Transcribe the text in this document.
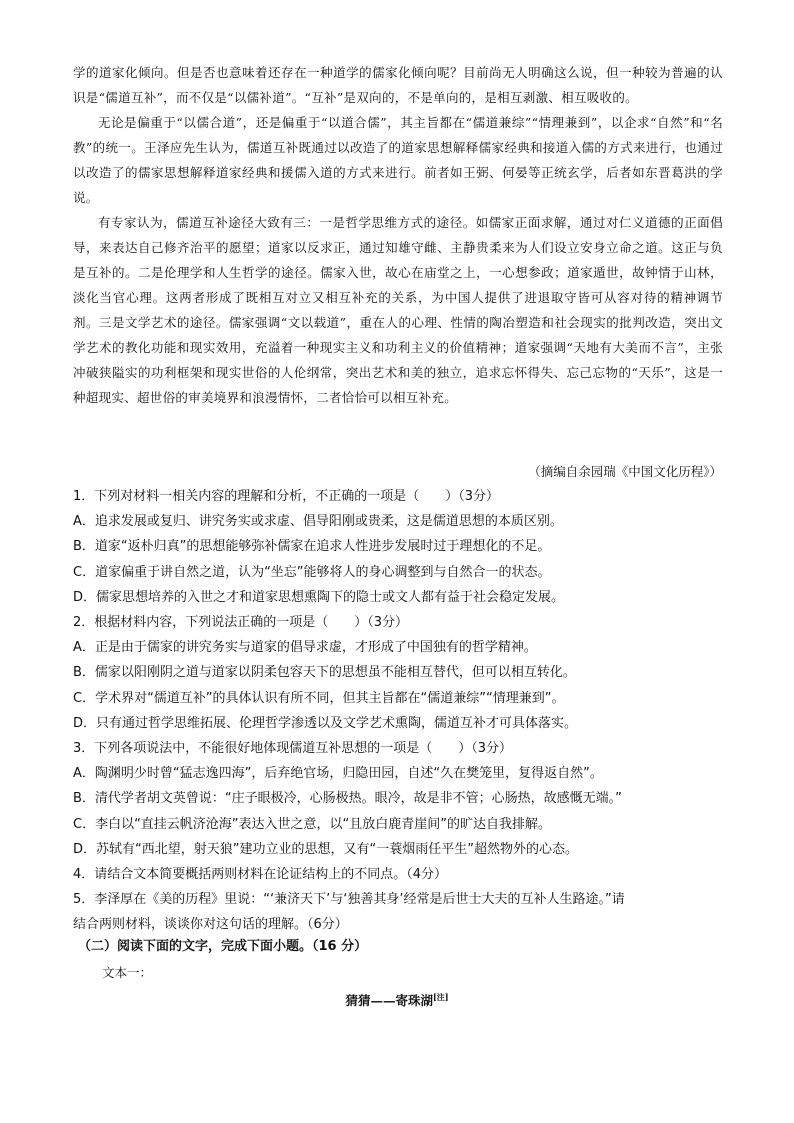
学的道家化倾向。但是否也意味着还存在一种道学的儒家化倾向呢？目前尚无人明确这么说，但一种较为普遍的认识是“儒道互补”，而不仅是“以儒补道”。“互补”是双向的，不是单向的，是相互剥激、相互吸收的。

无论是偏重于“以儒合道”，还是偏重于“以道合儒”，其主旨都在“儒道兼综”“情理兼到”，以企求“自然”和“名教”的统一。王泽应先生认为，儒道互补既通过以改造了的道家思想解释儒家经典和接道入儒的方式来进行，也通过以改造了的儒家思想解释道家经典和援儒入道的方式来进行。前者如王弼、何晏等正统玄学，后者如东晋葛洪的学说。

有专家认为，儒道互补途径大致有三：一是哲学思维方式的途径。如儒家正面求解，通过对仁义道德的正面倡导，来表达自己修齐治平的愿望；道家以反求正，通过知雄守雌、主静贵柔来为人们设立安身立命之道。这正与负是互补的。二是伦理学和人生哲学的途径。儒家入世，故心在庙堂之上，一心想参政；道家遁世，故钟情于山林，淡化当官心理。这两者形成了既相互对立又相互补充的关系，为中国人提供了进退取守皆可从容对待的精神调节剂。三是文学艺术的途径。儒家强调“文以载道”，重在人的心理、性情的陶冶塑造和社会现实的批判改造，突出文学艺术的教化功能和现实效用，充溢着一种现实主义和功利主义的价值精神；道家强调“天地有大美而不言”，主张冲破狭隘实的功利框架和现实世俗的人伦纲常，突出艺术和美的独立，追求忘怀得失、忘己忘物的“天乐”，这是一种超现实、超世俗的审美境界和浪漫情怀，二者恰恰可以相互补充。

（摘编自余园瑞《中国文化历程》）
1．下列对材料一相关内容的理解和分析，不正确的一项是（　　）（3分）
A．追求发展或复归、讲究务实或求虚、倡导阳刚或贵柔，这是儒道思想的本质区别。
B．道家“返朴归真”的思想能够弥补儒家在追求人性进步发展时过于理想化的不足。
C．道家偏重于讲自然之道，认为“坐忘”能够将人的身心调整到与自然合一的状态。
D．儒家思想培养的入世之才和道家思想熏陶下的隐士或文人都有益于社会稳定发展。
2．根据材料内容，下列说法正确的一项是（　　）（3分）
A．正是由于儒家的讲究务实与道家的倡导求虚，才形成了中国独有的哲学精神。
B．儒家以阳刚阴之道与道家以阴柔包容天下的思想虽不能相互替代，但可以相互转化。
C．学术界对“儒道互补”的具体认识有所不同，但其主旨都在“儒道兼综”“情理兼到”。
D．只有通过哲学思维拓展、伦理哲学渗透以及文学艺术熏陶，儒道互补才可具体落实。
3．下列各项说法中，不能很好地体现儒道互补思想的一项是（　　）（3分）
A．陶渊明少时曾“猛志逸四海”，后弃绝官场，归隐田园，自述“久在樊笼里，复得返自然”。
B．清代学者胡文英曾说：“庄子眼极冷，心肠极热。眼冷，故是非不管；心肠热，故感慨无端。”
C．李白以“直挂云帆济沧海”表达入世之意，以“且放白鹿青崖间”的旷达自我排解。
D．苏轼有“西北望，射天狼”建功立业的思想，又有“一蓑烟雨任平生”超然物外的心态。
4．请结合文本简要概括两则材料在论证结构上的不同点。（4分）
5．李泽厚在《美的历程》里说：“‘兼济天下’与‘独善其身’经常是后世士大夫的互补人生路途。”请
结合两则材料，谈谈你对这句话的理解。（6分）
（二）阅读下面的文字，完成下面小题。（16 分）
文本一：
猜猜——寄珠湖[注]
